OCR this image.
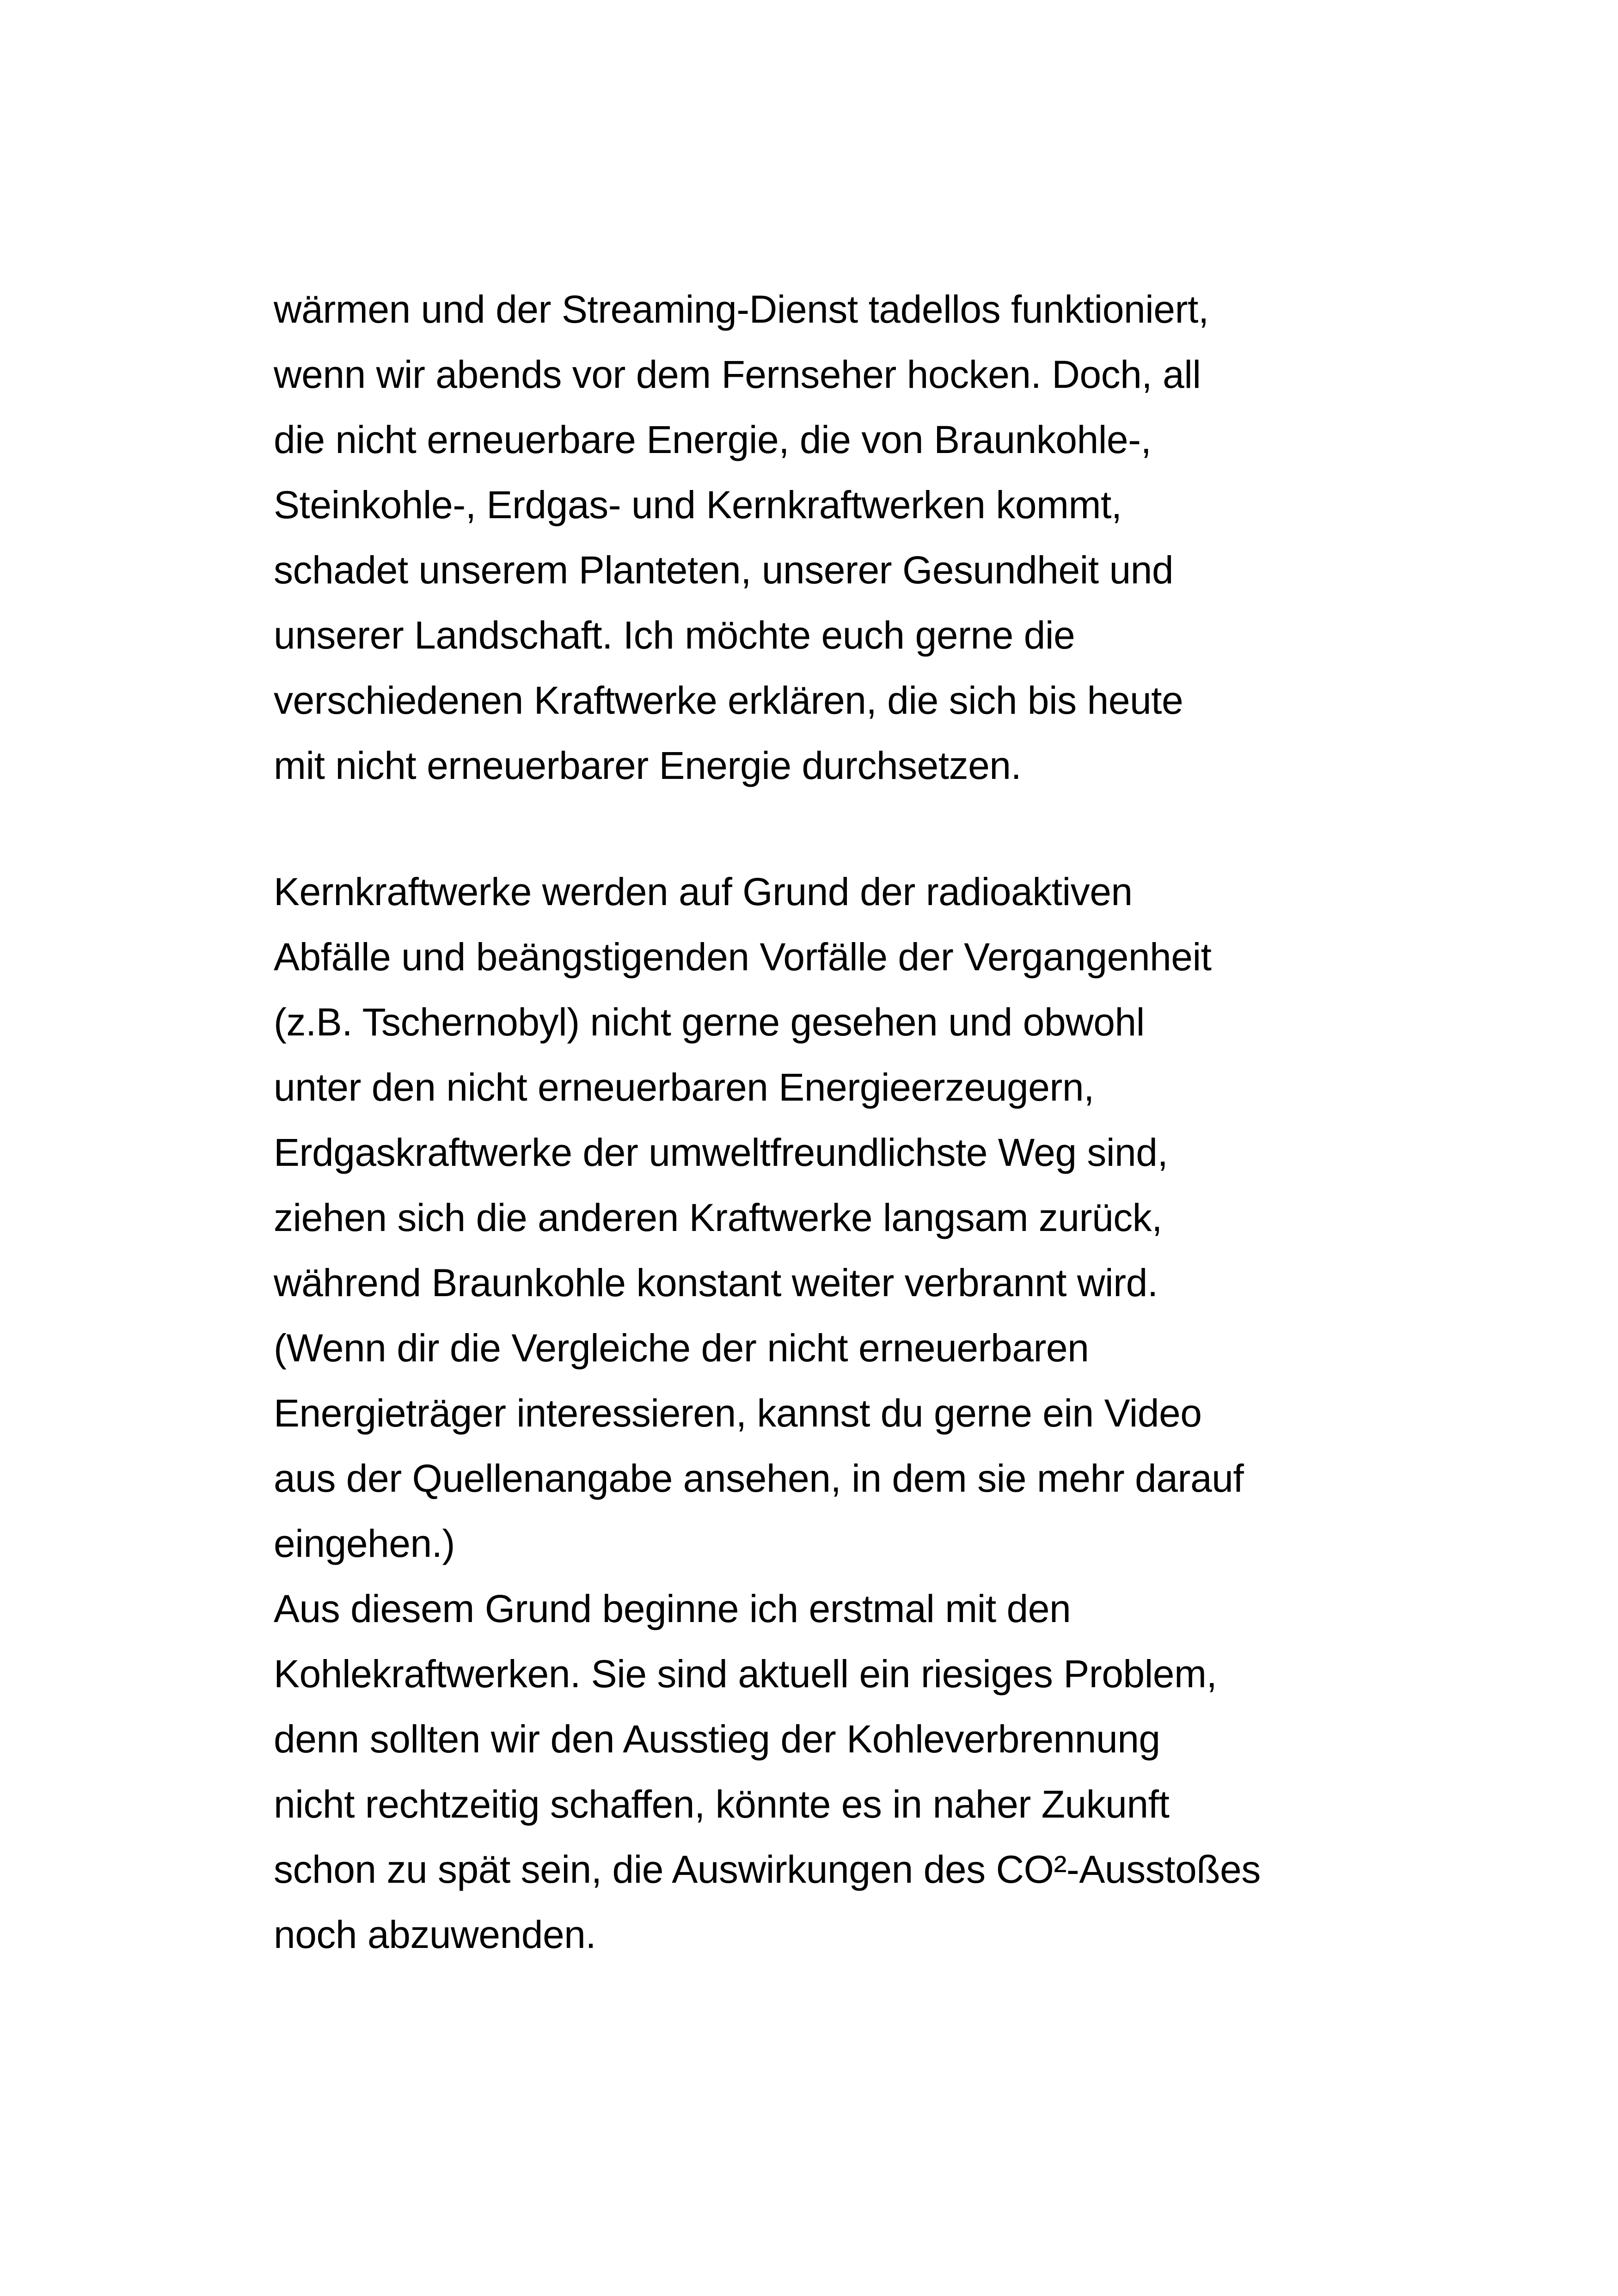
wärmen und der Streaming-Dienst tadellos funktioniert,
wenn wir abends vor dem Fernseher hocken. Doch, all
die nicht erneuerbare Energie, die von Braunkohle-,
Steinkohle-, Erdgas- und Kernkraftwerken kommt,
schadet unserem Planteten, unserer Gesundheit und
unserer Landschaft. Ich möchte euch gerne die
verschiedenen Kraftwerke erklären, die sich bis heute
mit nicht erneuerbarer Energie durchsetzen.
Kernkraftwerke werden auf Grund der radioaktiven
Abfälle und beängstigenden Vorfälle der Vergangenheit
(z.B. Tschernobyl) nicht gerne gesehen und obwohl
unter den nicht erneuerbaren Energieerzeugern,
Erdgaskraftwerke der umweltfreundlichste Weg sind,
ziehen sich die anderen Kraftwerke langsam zurück,
während Braunkohle konstant weiter verbrannt wird.
(Wenn dir die Vergleiche der nicht erneuerbaren
Energieträger interessieren, kannst du gerne ein Video
aus der Quellenangabe ansehen, in dem sie mehr darauf
eingehen.)
Aus diesem Grund beginne ich erstmal mit den
Kohlekraftwerken. Sie sind aktuell ein riesiges Problem,
denn sollten wir den Ausstieg der Kohleverbrennung
nicht rechtzeitig schaffen, könnte es in naher Zukunft
schon zu spät sein, die Auswirkungen des CO²-Ausstoßes
noch abzuwenden.
